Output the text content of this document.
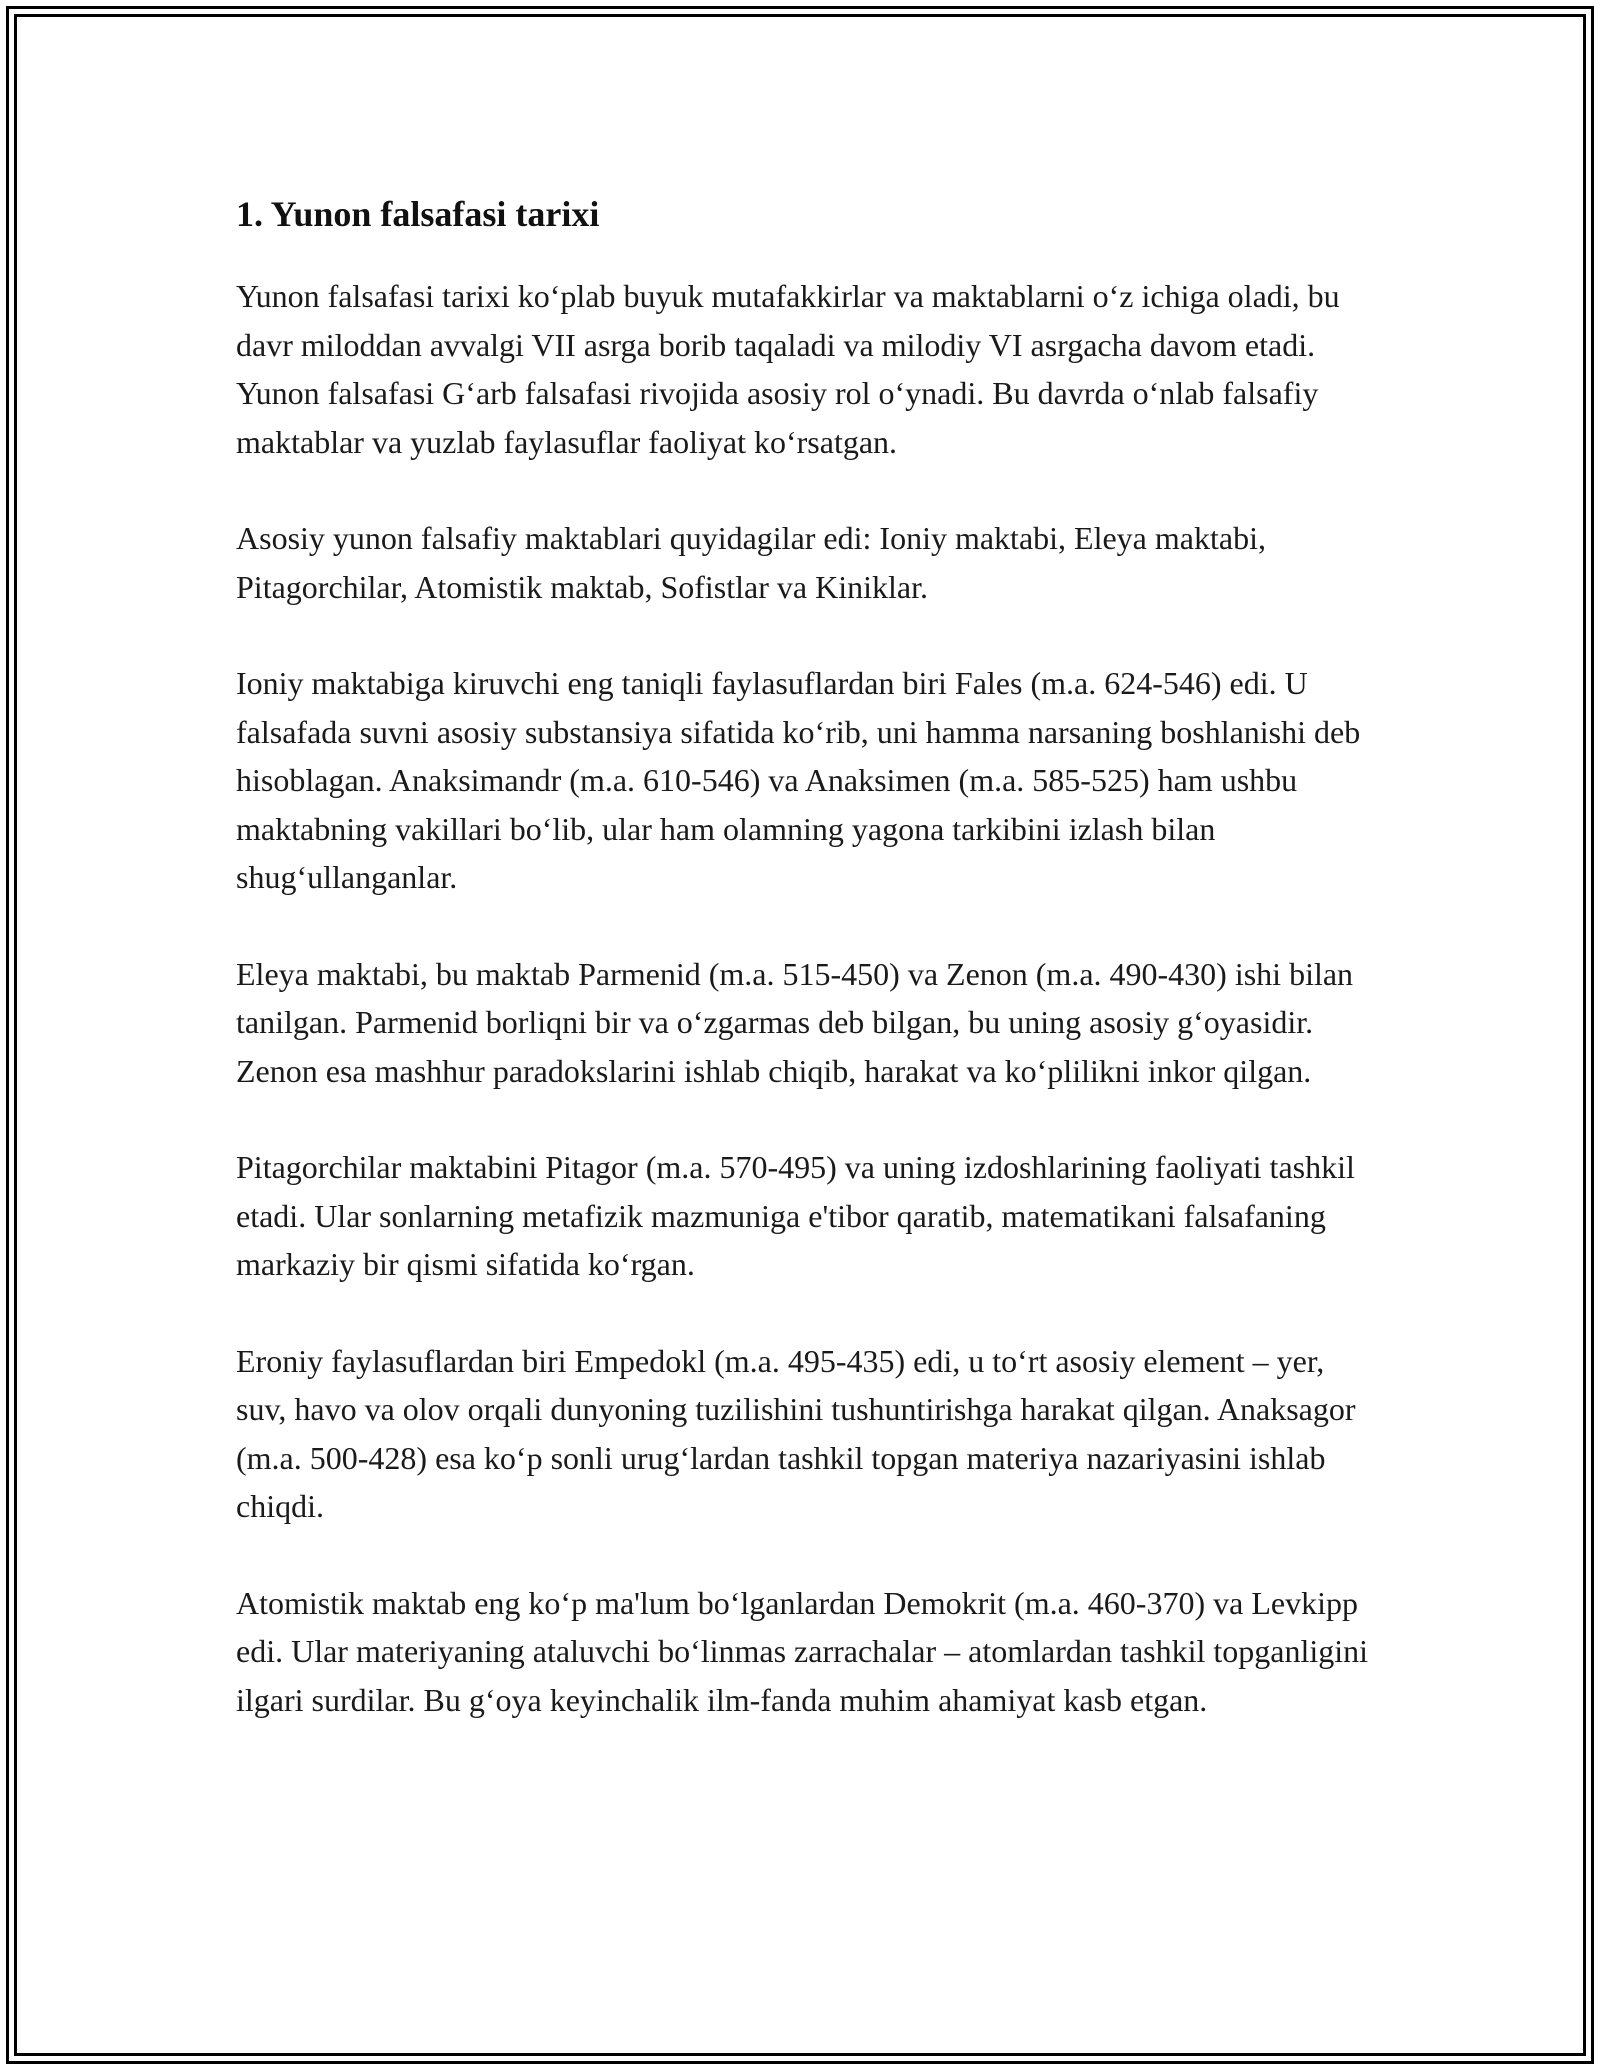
1. Yunon falsafasi tarixi

Yunon falsafasi tarixi koʻplab buyuk mutafakkirlar va maktablarni oʻz ichiga oladi, bu davr miloddan avvalgi VII asrga borib taqaladi va milodiy VI asrgacha davom etadi. Yunon falsafasi Gʻarb falsafasi rivojida asosiy rol oʻynadi. Bu davrda oʻnlab falsafiy maktablar va yuzlab faylasuflar faoliyat koʻrsatgan.

Asosiy yunon falsafiy maktablari quyidagilar edi: Ioniy maktabi, Eleya maktabi, Pitagorchilar, Atomistik maktab, Sofistlar va Kiniklar.

Ioniy maktabiga kiruvchi eng taniqli faylasuflardan biri Fales (m.a. 624-546) edi. U falsafada suvni asosiy substansiya sifatida koʻrib, uni hamma narsaning boshlanishi deb hisoblagan. Anaksimandr (m.a. 610-546) va Anaksimen (m.a. 585-525) ham ushbu maktabning vakillari boʻlib, ular ham olamning yagona tarkibini izlash bilan shugʻullanganlar.

Eleya maktabi, bu maktab Parmenid (m.a. 515-450) va Zenon (m.a. 490-430) ishi bilan tanilgan. Parmenid borliqni bir va oʻzgarmas deb bilgan, bu uning asosiy gʻoyasidir. Zenon esa mashhur paradokslarini ishlab chiqib, harakat va koʻplilikni inkor qilgan.

Pitagorchilar maktabini Pitagor (m.a. 570-495) va uning izdoshlarining faoliyati tashkil etadi. Ular sonlarning metafizik mazmuniga e'tibor qaratib, matematikani falsafaning markaziy bir qismi sifatida koʻrgan.

Eroniy faylasuflardan biri Empedokl (m.a. 495-435) edi, u toʻrt asosiy element – yer, suv, havo va olov orqali dunyoning tuzilishini tushuntirishga harakat qilgan. Anaksagor (m.a. 500-428) esa koʻp sonli urugʻlardan tashkil topgan materiya nazariyasini ishlab chiqdi.

Atomistik maktab eng koʻp ma'lum boʻlganlardan Demokrit (m.a. 460-370) va Levkipp edi. Ular materiyaning ataluvchi boʻlinmas zarrachalar – atomlardan tashkil topganligini ilgari surdilar. Bu gʻoya keyinchalik ilm-fanda muhim ahamiyat kasb etgan.
